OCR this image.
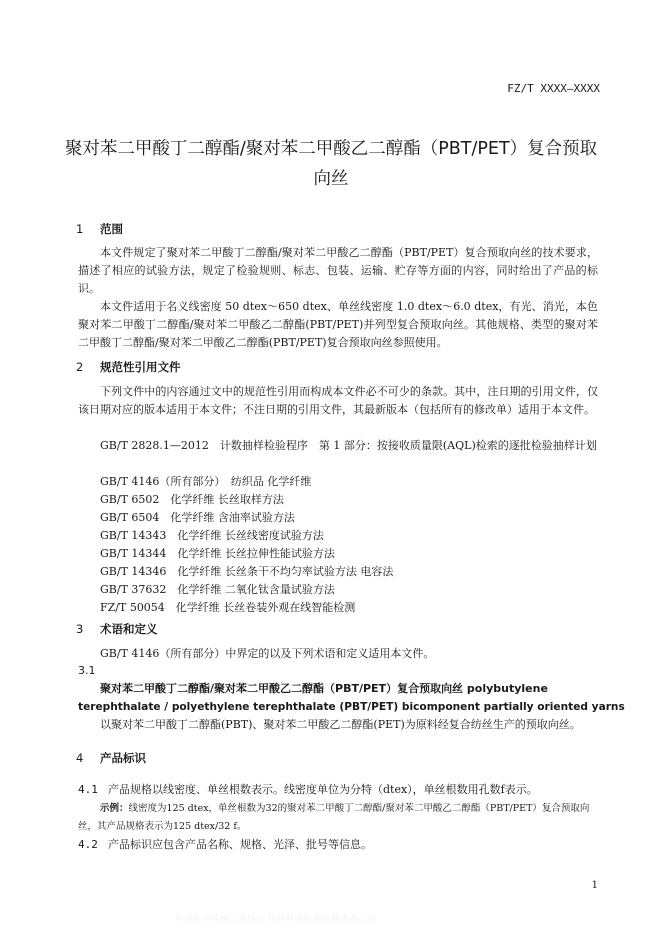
FZ/T XXXX—XXXX
聚对苯二甲酸丁二醇酯/聚对苯二甲酸乙二醇酯（PBT/PET）复合预取向丝
1 范围
本文件规定了聚对苯二甲酸丁二醇酯/聚对苯二甲酸乙二醇酯（PBT/PET）复合预取向丝的技术要求，描述了相应的试验方法，规定了检验规则、标志、包装、运输、贮存等方面的内容，同时给出了产品的标识。
本文件适用于名义线密度 50 dtex～650 dtex、单丝线密度 1.0 dtex～6.0 dtex，有光、消光，本色聚对苯二甲酸丁二醇酯/聚对苯二甲酸乙二醇酯(PBT/PET)并列型复合预取向丝。其他规格、类型的聚对苯二甲酸丁二醇酯/聚对苯二甲酸乙二醇酯(PBT/PET)复合预取向丝参照使用。
2 规范性引用文件
下列文件中的内容通过文中的规范性引用而构成本文件必不可少的条款。其中，注日期的引用文件，仅该日期对应的版本适用于本文件；不注日期的引用文件，其最新版本（包括所有的修改单）适用于本文件。
GB/T 2828.1—2012　计数抽样检验程序　第 1 部分：按接收质量限(AQL)检索的逐批检验抽样计划
GB/T 4146（所有部分）　纺织品 化学纤维
GB/T 6502　化学纤维 长丝取样方法
GB/T 6504　化学纤维 含油率试验方法
GB/T 14343　化学纤维 长丝线密度试验方法
GB/T 14344　化学纤维 长丝拉伸性能试验方法
GB/T 14346　化学纤维 长丝条干不均匀率试验方法 电容法
GB/T 37632　化学纤维 二氧化钛含量试验方法
FZ/T 50054　化学纤维 长丝卷装外观在线智能检测
3 术语和定义
GB/T 4146（所有部分）中界定的以及下列术语和定义适用本文件。
3.1
聚对苯二甲酸丁二醇酯/聚对苯二甲酸乙二醇酯（PBT/PET）复合预取向丝 polybutylene
terephthalate / polyethylene terephthalate (PBT/PET) bicomponent partially oriented yarns
以聚对苯二甲酸丁二醇酯(PBT)、聚对苯二甲酸乙二醇酯(PET)为原料经复合纺丝生产的预取向丝。
4 产品标识
4.1 产品规格以线密度、单丝根数表示。线密度单位为分特（dtex），单丝根数用孔数f表示。
示例：线密度为125 dtex，单丝根数为32的聚对苯二甲酸丁二醇酯/聚对苯二甲酸乙二醇酯（PBT/PET）复合预取向丝，其产品规格表示为125 dtex/32 f。
4.2 产品标识应包含产品名称、规格、光泽、批号等信息。
1
中国化学纤维工业协会 化学纤维标准化技术委员会
